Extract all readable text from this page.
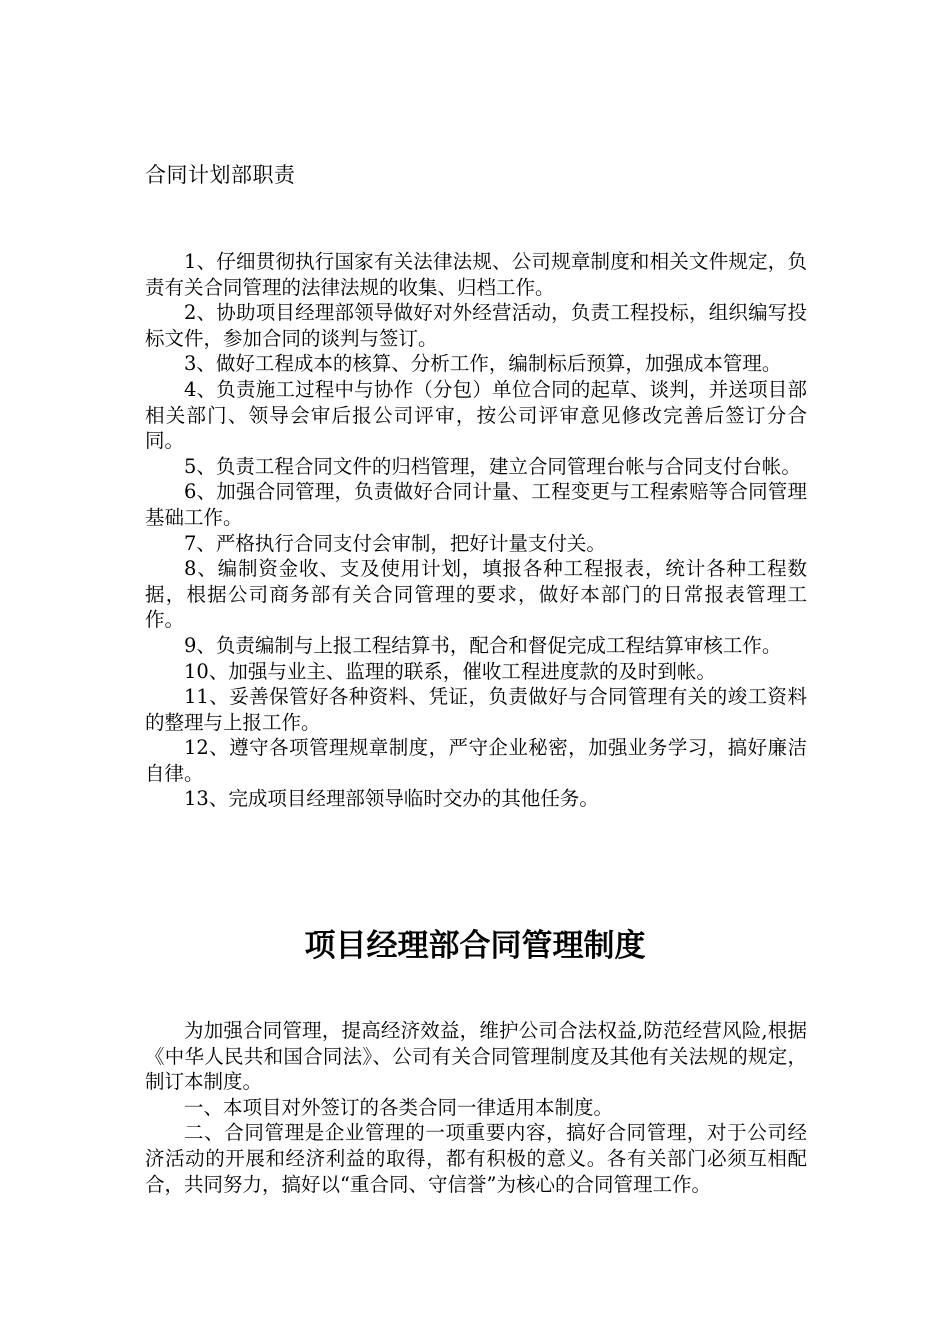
合同计划部职责

1、仔细贯彻执行国家有关法律法规、公司规章制度和相关文件规定，负责有关合同管理的法律法规的收集、归档工作。

2、协助项目经理部领导做好对外经营活动，负责工程投标，组织编写投标文件，参加合同的谈判与签订。

3、做好工程成本的核算、分析工作，编制标后预算，加强成本管理。

4、负责施工过程中与协作（分包）单位合同的起草、谈判，并送项目部相关部门、领导会审后报公司评审，按公司评审意见修改完善后签订分合同。

5、负责工程合同文件的归档管理，建立合同管理台帐与合同支付台帐。

6、加强合同管理，负责做好合同计量、工程变更与工程索赔等合同管理基础工作。

7、严格执行合同支付会审制，把好计量支付关。

8、编制资金收、支及使用计划，填报各种工程报表，统计各种工程数据，根据公司商务部有关合同管理的要求，做好本部门的日常报表管理工作。

9、负责编制与上报工程结算书，配合和督促完成工程结算审核工作。

10、加强与业主、监理的联系，催收工程进度款的及时到帐。

11、妥善保管好各种资料、凭证，负责做好与合同管理有关的竣工资料的整理与上报工作。

12、遵守各项管理规章制度，严守企业秘密，加强业务学习，搞好廉洁自律。

13、完成项目经理部领导临时交办的其他任务。

项目经理部合同管理制度

为加强合同管理，提高经济效益，维护公司合法权益,防范经营风险,根据《中华人民共和国合同法》、公司有关合同管理制度及其他有关法规的规定，制订本制度。

一、本项目对外签订的各类合同一律适用本制度。

二、合同管理是企业管理的一项重要内容，搞好合同管理，对于公司经济活动的开展和经济利益的取得，都有积极的意义。各有关部门必须互相配合，共同努力，搞好以“重合同、守信誉”为核心的合同管理工作。
